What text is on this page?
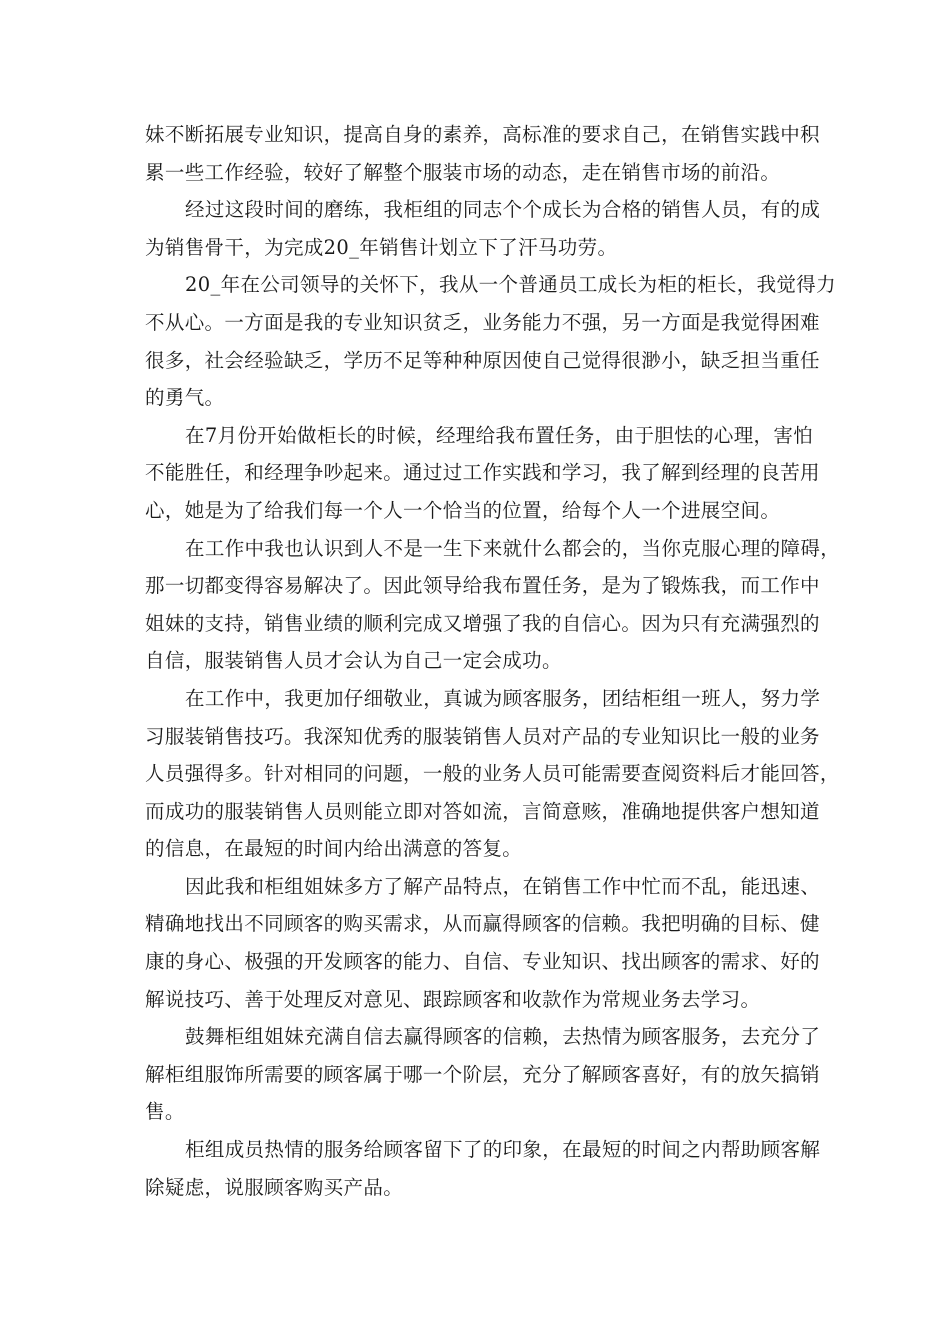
妹不断拓展专业知识，提高自身的素养，高标准的要求自己，在销售实践中积
累一些工作经验，较好了解整个服装市场的动态，走在销售市场的前沿。
经过这段时间的磨练，我柜组的同志个个成长为合格的销售人员，有的成
为销售骨干，为完成20_年销售计划立下了汗马功劳。
20_年在公司领导的关怀下，我从一个普通员工成长为柜的柜长，我觉得力
不从心。一方面是我的专业知识贫乏，业务能力不强，另一方面是我觉得困难
很多，社会经验缺乏，学历不足等种种原因使自己觉得很渺小，缺乏担当重任
的勇气。
在7月份开始做柜长的时候，经理给我布置任务，由于胆怯的心理，害怕
不能胜任，和经理争吵起来。通过过工作实践和学习，我了解到经理的良苦用
心，她是为了给我们每一个人一个恰当的位置，给每个人一个进展空间。
在工作中我也认识到人不是一生下来就什么都会的，当你克服心理的障碍，
那一切都变得容易解决了。因此领导给我布置任务，是为了锻炼我，而工作中
姐妹的支持，销售业绩的顺利完成又增强了我的自信心。因为只有充满强烈的
自信，服装销售人员才会认为自己一定会成功。
在工作中，我更加仔细敬业，真诚为顾客服务，团结柜组一班人，努力学
习服装销售技巧。我深知优秀的服装销售人员对产品的专业知识比一般的业务
人员强得多。针对相同的问题，一般的业务人员可能需要查阅资料后才能回答，
而成功的服装销售人员则能立即对答如流，言简意赅，准确地提供客户想知道
的信息，在最短的时间内给出满意的答复。
因此我和柜组姐妹多方了解产品特点，在销售工作中忙而不乱，能迅速、
精确地找出不同顾客的购买需求，从而赢得顾客的信赖。我把明确的目标、健
康的身心、极强的开发顾客的能力、自信、专业知识、找出顾客的需求、好的
解说技巧、善于处理反对意见、跟踪顾客和收款作为常规业务去学习。
鼓舞柜组姐妹充满自信去赢得顾客的信赖，去热情为顾客服务，去充分了
解柜组服饰所需要的顾客属于哪一个阶层，充分了解顾客喜好，有的放矢搞销
售。
柜组成员热情的服务给顾客留下了的印象，在最短的时间之内帮助顾客解
除疑虑，说服顾客购买产品。
